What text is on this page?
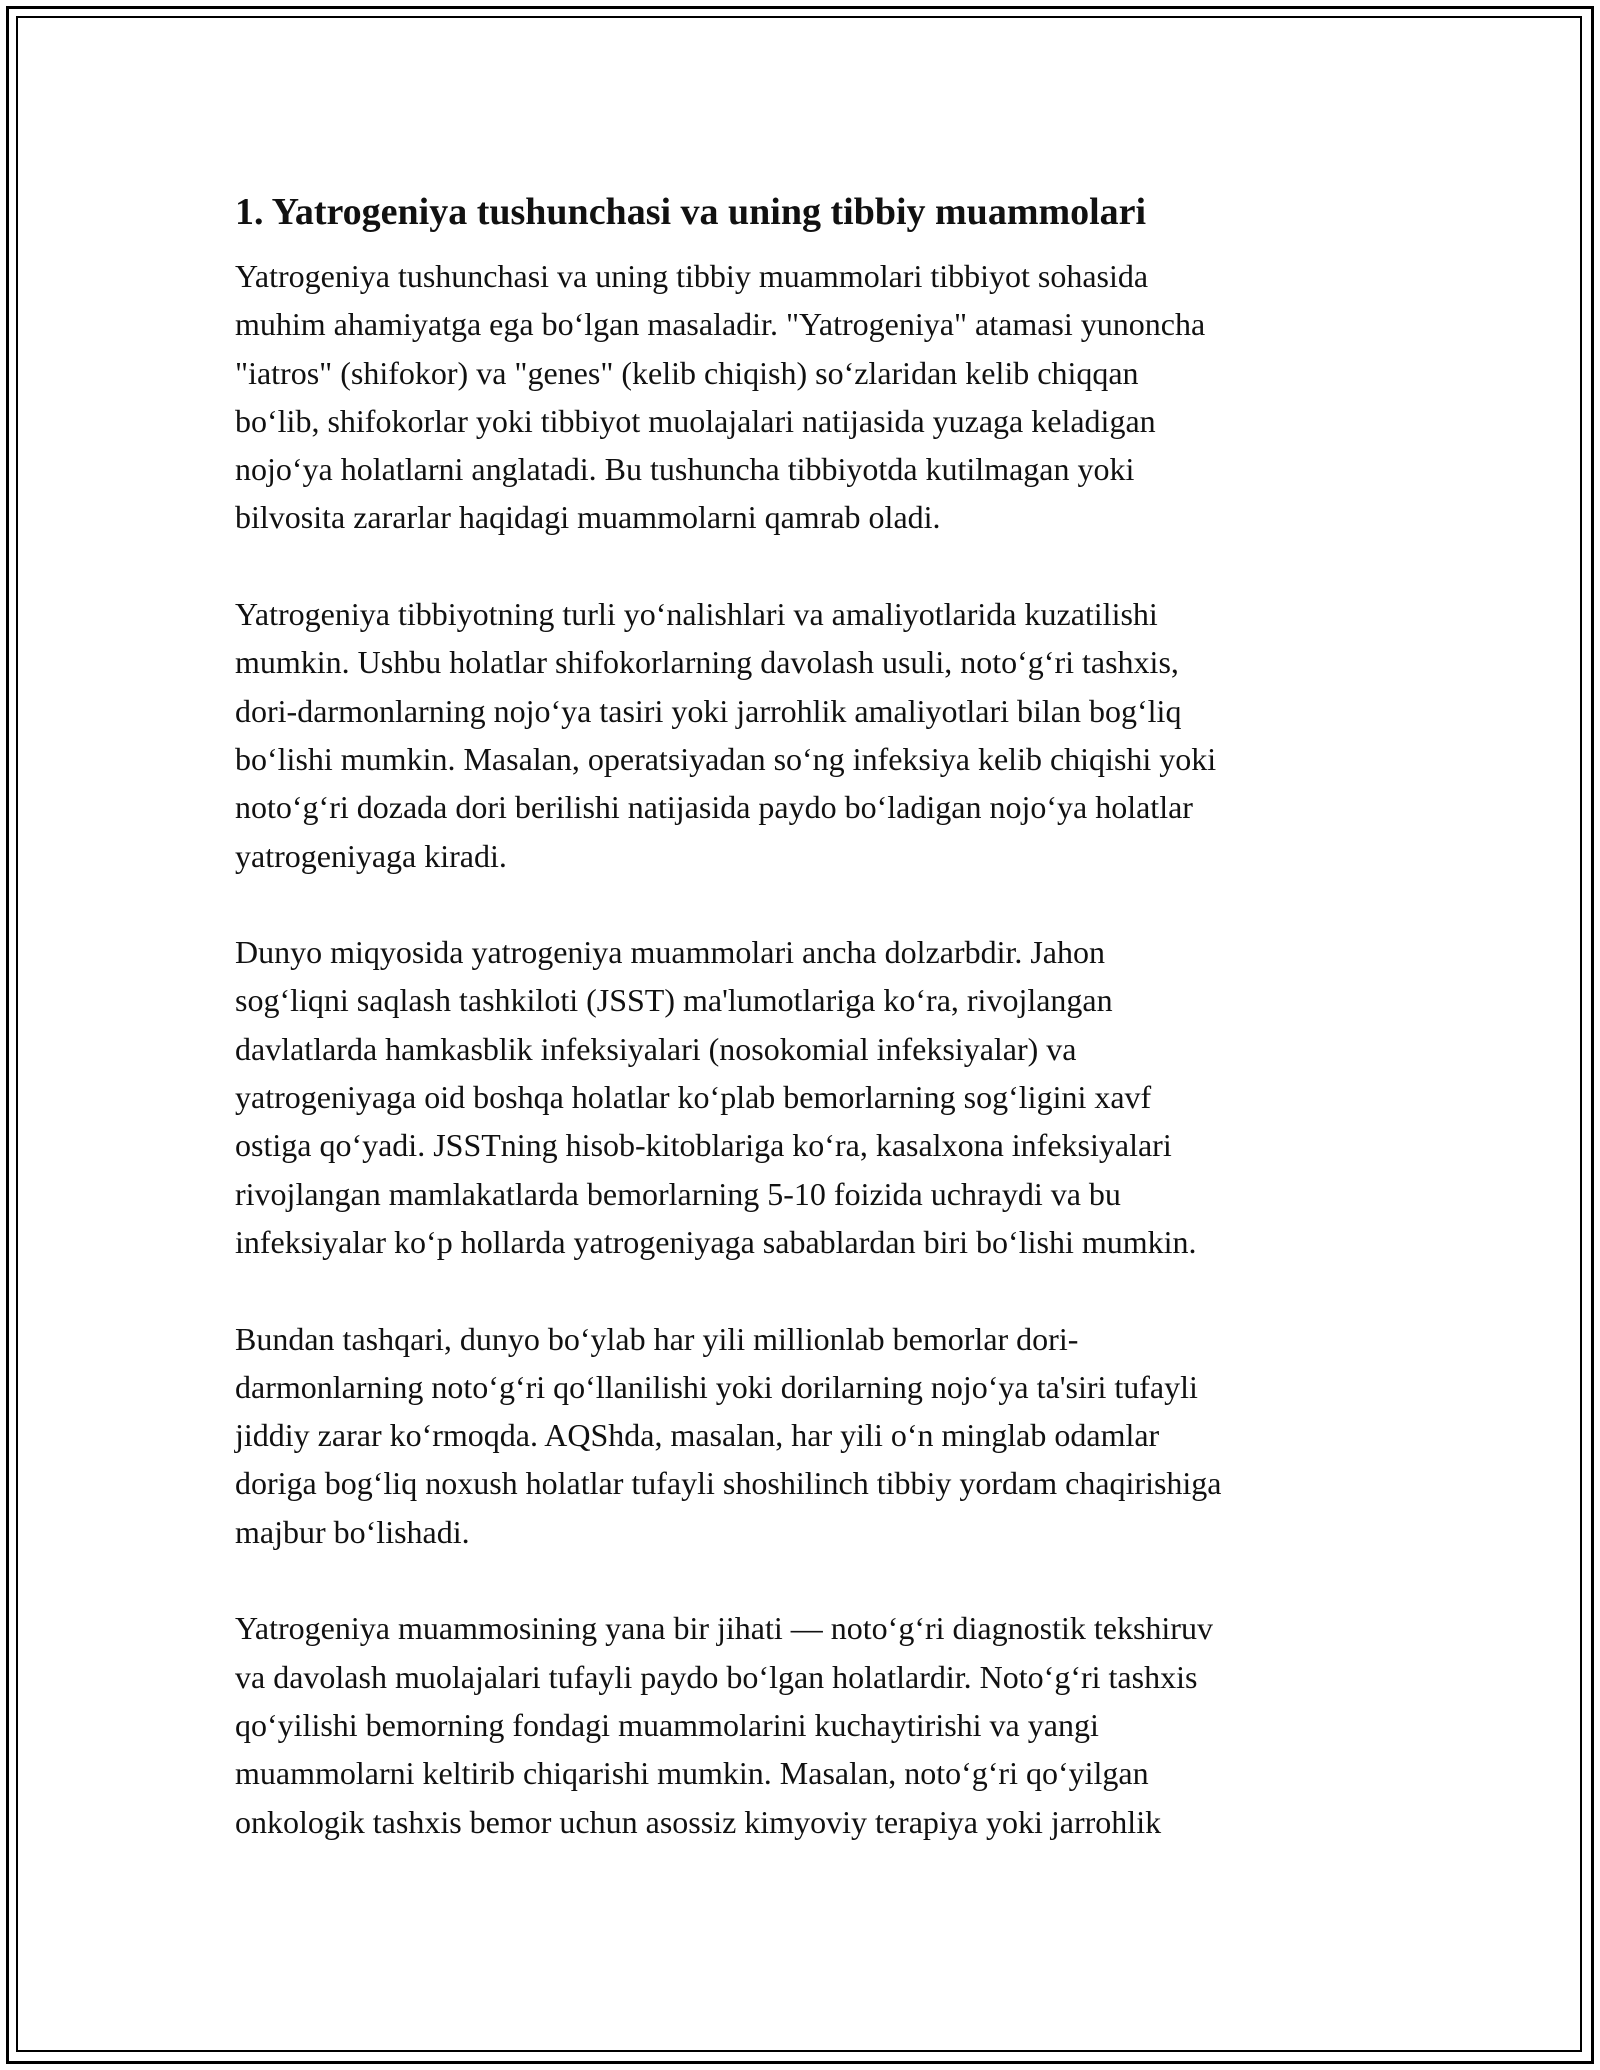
1. Yatrogeniya tushunchasi va uning tibbiy muammolari
Yatrogeniya tushunchasi va uning tibbiy muammolari tibbiyot sohasida
muhim ahamiyatga ega bo‘lgan masaladir. "Yatrogeniya" atamasi yunoncha
"iatros" (shifokor) va "genes" (kelib chiqish) so‘zlaridan kelib chiqqan
bo‘lib, shifokorlar yoki tibbiyot muolajalari natijasida yuzaga keladigan
nojo‘ya holatlarni anglatadi. Bu tushuncha tibbiyotda kutilmagan yoki
bilvosita zararlar haqidagi muammolarni qamrab oladi.
Yatrogeniya tibbiyotning turli yo‘nalishlari va amaliyotlarida kuzatilishi
mumkin. Ushbu holatlar shifokorlarning davolash usuli, noto‘g‘ri tashxis,
dori-darmonlarning nojo‘ya tasiri yoki jarrohlik amaliyotlari bilan bog‘liq
bo‘lishi mumkin. Masalan, operatsiyadan so‘ng infeksiya kelib chiqishi yoki
noto‘g‘ri dozada dori berilishi natijasida paydo bo‘ladigan nojo‘ya holatlar
yatrogeniyaga kiradi.
Dunyo miqyosida yatrogeniya muammolari ancha dolzarbdir. Jahon
sog‘liqni saqlash tashkiloti (JSST) ma'lumotlariga ko‘ra, rivojlangan
davlatlarda hamkasblik infeksiyalari (nosokomial infeksiyalar) va
yatrogeniyaga oid boshqa holatlar ko‘plab bemorlarning sog‘ligini xavf
ostiga qo‘yadi. JSSTning hisob-kitoblariga ko‘ra, kasalxona infeksiyalari
rivojlangan mamlakatlarda bemorlarning 5-10 foizida uchraydi va bu
infeksiyalar ko‘p hollarda yatrogeniyaga sabablardan biri bo‘lishi mumkin.
Bundan tashqari, dunyo bo‘ylab har yili millionlab bemorlar dori-
darmonlarning noto‘g‘ri qo‘llanilishi yoki dorilarning nojo‘ya ta'siri tufayli
jiddiy zarar ko‘rmoqda. AQShda, masalan, har yili o‘n minglab odamlar
doriga bog‘liq noxush holatlar tufayli shoshilinch tibbiy yordam chaqirishiga
majbur bo‘lishadi.
Yatrogeniya muammosining yana bir jihati — noto‘g‘ri diagnostik tekshiruv
va davolash muolajalari tufayli paydo bo‘lgan holatlardir. Noto‘g‘ri tashxis
qo‘yilishi bemorning fondagi muammolarini kuchaytirishi va yangi
muammolarni keltirib chiqarishi mumkin. Masalan, noto‘g‘ri qo‘yilgan
onkologik tashxis bemor uchun asossiz kimyoviy terapiya yoki jarrohlik
